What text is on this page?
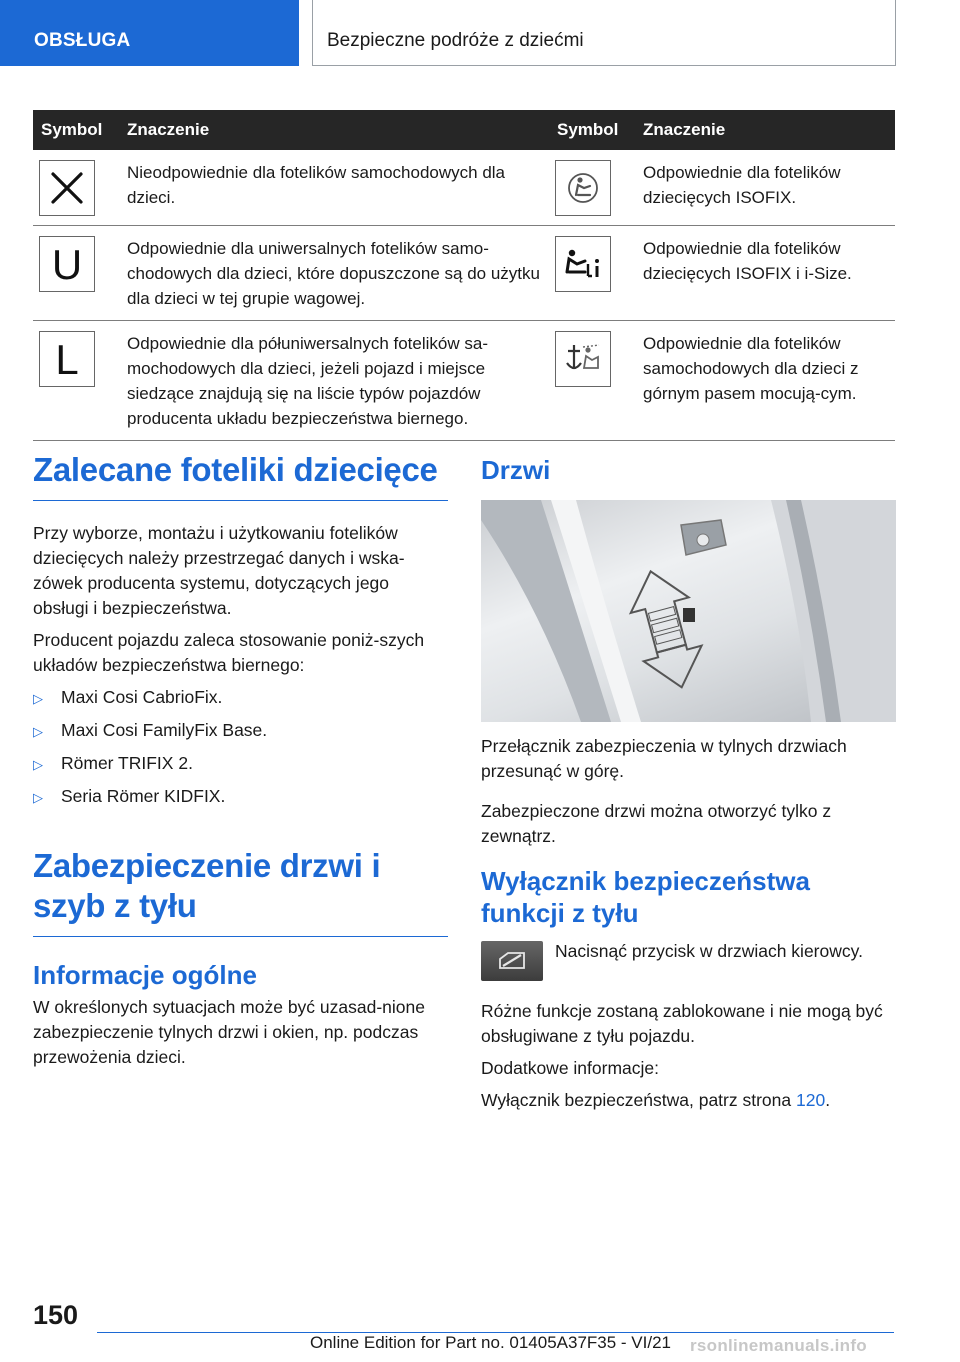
OBSŁUGA	Bezpieczne podróże z dziećmi
Symbol	Znaczenie	Symbol	Znaczenie

	Nieodpowiednie dla fotelików samochodowych dla dzieci.		Odpowiednie dla fotelików dziecięcych ISOFIX.

U	Odpowiednie dla uniwersalnych fotelików samo-chodowych dla dzieci, które dopuszczone są do użytku dla dzieci w tej grupie wagowej.		Odpowiednie dla fotelików dziecięcych ISOFIX i i-Size.

L	Odpowiednie dla półuniwersalnych fotelików sa-mochodowych dla dzieci, jeżeli pojazd i miejsce siedzące znajdują się na liście typów pojazdów producenta układu bezpieczeństwa biernego.		Odpowiednie dla fotelików samochodowych dla dzieci z górnym pasem mocują-cym.
Zalecane foteliki dziecięce
Przy wyborze, montażu i użytkowaniu fotelików dziecięcych należy przestrzegać danych i wska-zówek producenta systemu, dotyczących jego obsługi i bezpieczeństwa.
Producent pojazdu zaleca stosowanie poniż-szych układów bezpieczeństwa biernego:
▷	Maxi Cosi CabrioFix.
▷	Maxi Cosi FamilyFix Base.
▷	Römer TRIFIX 2.
▷	Seria Römer KIDFIX.
Zabezpieczenie drzwi i szyb z tyłu
Informacje ogólne
W określonych sytuacjach może być uzasad-nione zabezpieczenie tylnych drzwi i okien, np. podczas przewożenia dzieci.
Drzwi
Przełącznik zabezpieczenia w tylnych drzwiach przesunąć w górę.
Zabezpieczone drzwi można otworzyć tylko z zewnątrz.
Wyłącznik bezpieczeństwa funkcji z tyłu
Nacisnąć przycisk w drzwiach kierowcy.
Różne funkcje zostaną zablokowane i nie mogą być obsługiwane z tyłu pojazdu.
Dodatkowe informacje:
Wyłącznik bezpieczeństwa, patrz strona 120.
150
Online Edition for Part no. 01405A37F35 - VI/21 rsonlinemanuals.info
